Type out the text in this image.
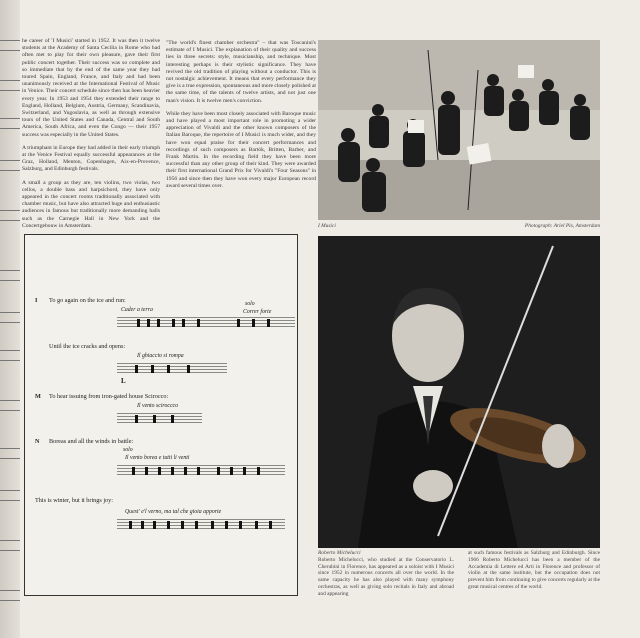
he career of 'I Musici' started in 1952. It was then it twelve students at the Academy of Santa Cecilia in Rome who had often met to play for their own pleasure, gave their first public concert together. Their success was so complete and so immediate that by the end of the same year they had toured Spain, England, France, and Italy and had been unanimously received at the International Festival of Music in Venice. Their concert schedule since then has been heavier every year. In 1953 and 1954 they extended their range to England, Holland, Belgium, Austria, Germany, Scandinavia, Switzerland, and Yugoslavia, as well as through extensive tours of the United States and Canada, Central and South America, South Africa, and even the Congo — their 1957 success was especially in the United States.

A triumphant in Europe they had added in their early triumph at the Venice Festival equally successful appearances at the Graz, Holland, Menton, Copenhagen, Aix-en-Provence, Salzburg, and Edinburgh festivals.

A small a group as they are, ten violins, two violas, two cellos, a double bass and harpsichord, they have only appeared in the concert rooms traditionally associated with chamber music, but have also attracted huge and enthusiastic audiences in famous but traditionally more demanding halls such as the Carnegie Hall in New York and the Concertgebouw in Amsterdam.

"The world's finest chamber orchestra" – that was Toscanini's estimate of I Musici. The explanation of their quality and success lies in three secrets: style, musicianship, and technique. Most interesting perhaps is their stylistic significance. They have revived the old tradition of playing without a conductor. This is not nostalgic achievement. It means that every performance they give is a true expression, spontaneous and more closely polished at the same time, of the talents of twelve artists, and not just one man's vision. It is twelve men's conviction.

While they have been most closely associated with Baroque music and have played a most important role in promoting a wider appreciation of Vivaldi and the other known composers of the Italian Baroque, the repertoire of I Musici is much wider, and they have won equal praise for their concert performances and recordings of such composers as Bartók, Britten, Barber, and Frank Martin. In the recording field they have been more successful than any other group of their kind. They were awarded their first international Grand Prix for Vivaldi's "Four Seasons" in 1956 and since then they have won every major European record award several times over.

I Musici	Photograph: Ariel Pix, Amsterdam
Roberto Michelucci
Roberto Michelucci, who studied at the Conservatorio L. Cherubini in Florence, has appeared as a soloist with I Musici since 1952 in numerous concerts all over the world. In the same capacity he has also played with many symphony orchestras, as well as giving solo recitals in Italy and abroad and appearing
at such famous festivals as Salzburg and Edinburgh. Since 1966 Roberto Michelucci has been a member of the Accademia di Lettere ed Arti in Florence and professor of violin at the same institute, but the occupation does not prevent him from continuing to give concerts regularly at the great musical centres of the world.
I To go again on the ice and run:
Cader a terra
solo
Correr forte
Until the ice cracks and opens:
Il ghiaccio si rompa
L
M To hear issuing from iron-gated house Scirocco:
Il vento sciroccco
N Boreas and all the winds in battle:
solo
Il vento borea e tutti li venti
This is winter, but it brings joy:
Quest' e'l verno, ma tal che gioia apporte
